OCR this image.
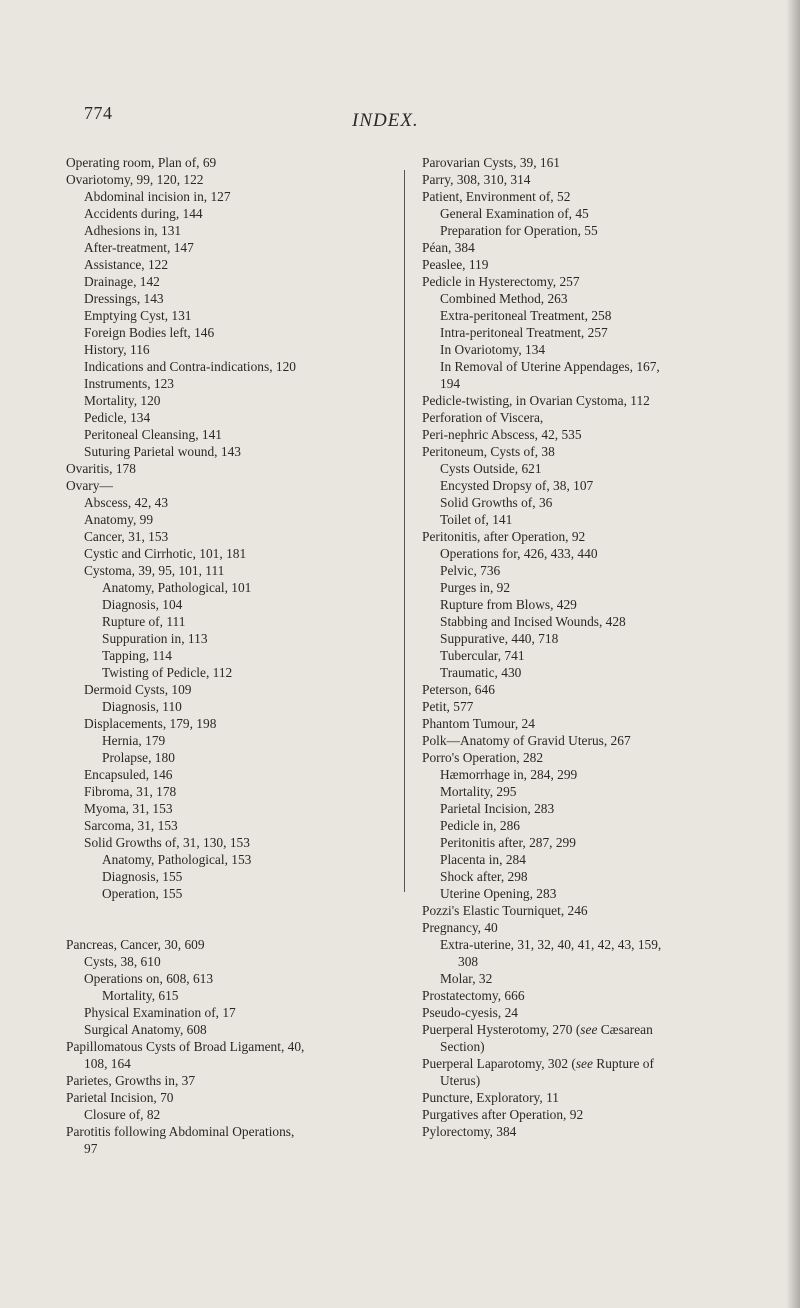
774	INDEX.
Operating room, Plan of, 69
Ovariotomy, 99, 120, 122
Abdominal incision in, 127
Accidents during, 144
Adhesions in, 131
After-treatment, 147
Assistance, 122
Drainage, 142
Dressings, 143
Emptying Cyst, 131
Foreign Bodies left, 146
History, 116
Indications and Contra-indications, 120
Instruments, 123
Mortality, 120
Pedicle, 134
Peritoneal Cleansing, 141
Suturing Parietal wound, 143
Ovaritis, 178
Ovary—
Abscess, 42, 43
Anatomy, 99
Cancer, 31, 153
Cystic and Cirrhotic, 101, 181
Cystoma, 39, 95, 101, 111
Anatomy, Pathological, 101
Diagnosis, 104
Rupture of, 111
Suppuration in, 113
Tapping, 114
Twisting of Pedicle, 112
Dermoid Cysts, 109
Diagnosis, 110
Displacements, 179, 198
Hernia, 179
Prolapse, 180
Encapsuled, 146
Fibroma, 31, 178
Myoma, 31, 153
Sarcoma, 31, 153
Solid Growths of, 31, 130, 153
Anatomy, Pathological, 153
Diagnosis, 155
Operation, 155
Pancreas, Cancer, 30, 609
Cysts, 38, 610
Operations on, 608, 613
Mortality, 615
Physical Examination of, 17
Surgical Anatomy, 608
Papillomatous Cysts of Broad Ligament, 40,
108, 164
Parietes, Growths in, 37
Parietal Incision, 70
Closure of, 82
Parotitis following Abdominal Operations,
97
Parovarian Cysts, 39, 161
Parry, 308, 310, 314
Patient, Environment of, 52
General Examination of, 45
Preparation for Operation, 55
Péan, 384
Peaslee, 119
Pedicle in Hysterectomy, 257
Combined Method, 263
Extra-peritoneal Treatment, 258
Intra-peritoneal Treatment, 257
In Ovariotomy, 134
In Removal of Uterine Appendages, 167,
194
Pedicle-twisting, in Ovarian Cystoma, 112
Perforation of Viscera,
Peri-nephric Abscess, 42, 535
Peritoneum, Cysts of, 38
Cysts Outside, 621
Encysted Dropsy of, 38, 107
Solid Growths of, 36
Toilet of, 141
Peritonitis, after Operation, 92
Operations for, 426, 433, 440
Pelvic, 736
Purges in, 92
Rupture from Blows, 429
Stabbing and Incised Wounds, 428
Suppurative, 440, 718
Tubercular, 741
Traumatic, 430
Peterson, 646
Petit, 577
Phantom Tumour, 24
Polk—Anatomy of Gravid Uterus, 267
Porro's Operation, 282
Hæmorrhage in, 284, 299
Mortality, 295
Parietal Incision, 283
Pedicle in, 286
Peritonitis after, 287, 299
Placenta in, 284
Shock after, 298
Uterine Opening, 283
Pozzi's Elastic Tourniquet, 246
Pregnancy, 40
Extra-uterine, 31, 32, 40, 41, 42, 43, 159,
308
Molar, 32
Prostatectomy, 666
Pseudo-cyesis, 24
Puerperal Hysterotomy, 270 (see Cæsarean
Section)
Puerperal Laparotomy, 302 (see Rupture of
Uterus)
Puncture, Exploratory, 11
Purgatives after Operation, 92
Pylorectomy, 384
